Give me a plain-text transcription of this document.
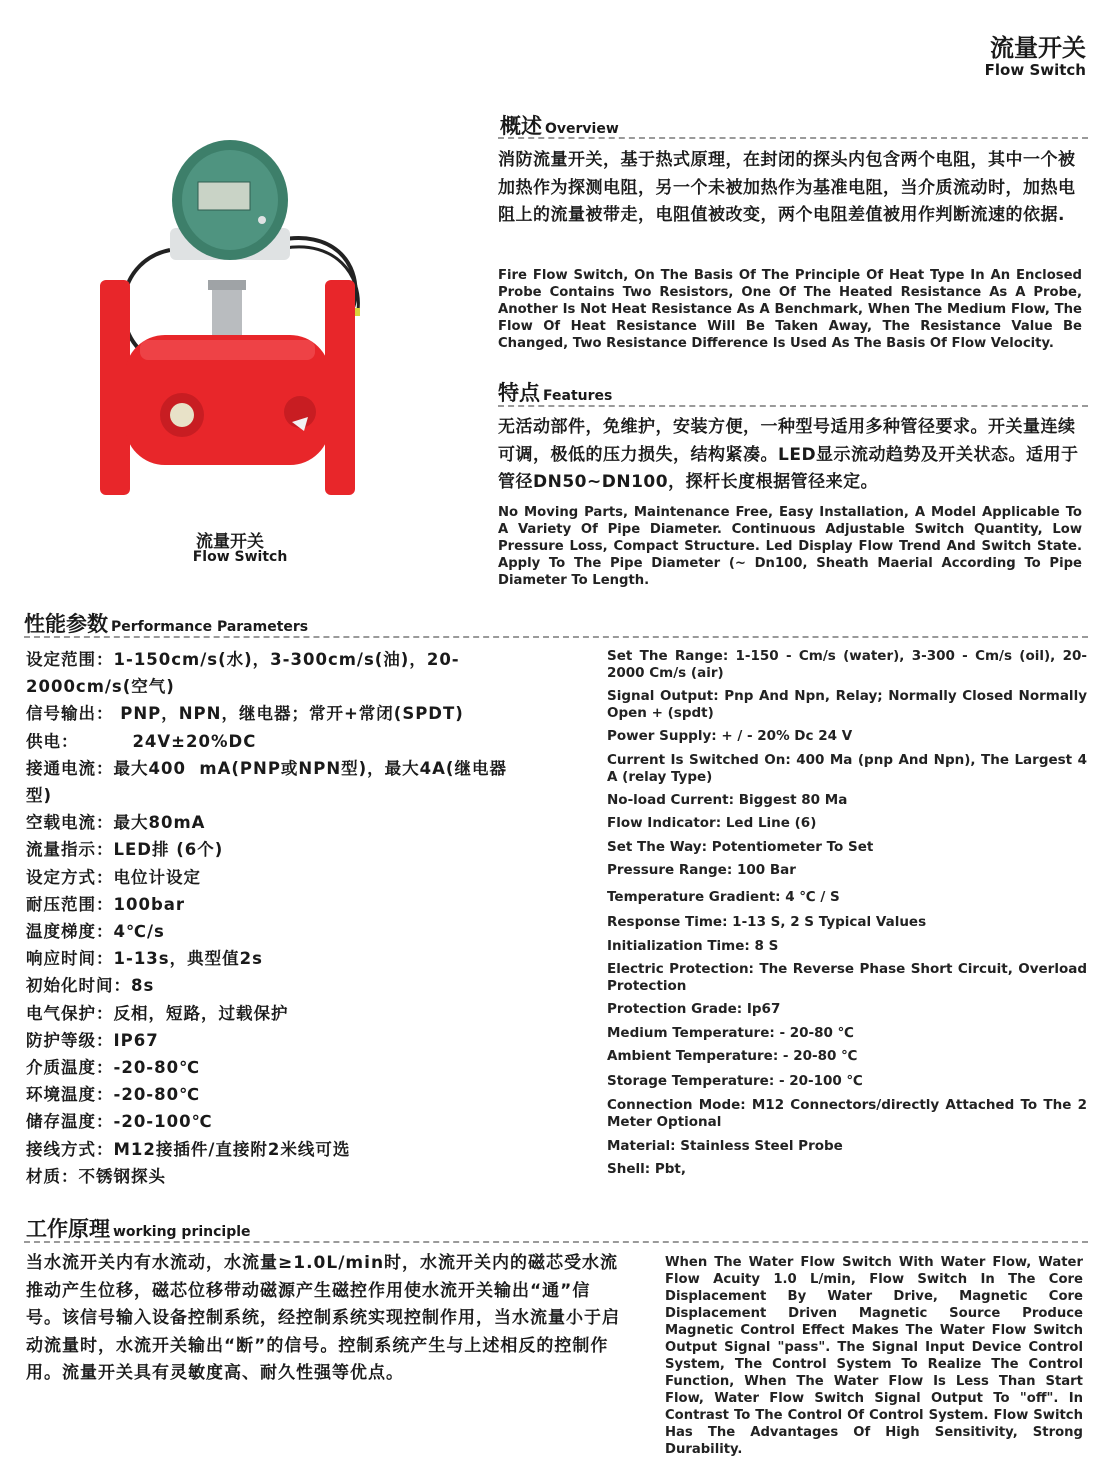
流量开关
Flow Switch
流量开关
Flow Switch
概述 Overview
消防流量开关，基于热式原理，在封闭的探头内包含两个电阻，其中一个被加热作为探测电阻，另一个未被加热作为基准电阻，当介质流动时，加热电阻上的流量被带走，电阻值被改变，两个电阻差值被用作判断流速的依据.
Fire Flow Switch, On The Basis Of The Principle Of Heat Type In An Enclosed Probe Contains Two Resistors, One Of The Heated Resistance As A Probe, Another Is Not Heat Resistance As A Benchmark, When The Medium Flow, The Flow Of Heat Resistance Will Be Taken Away, The Resistance Value Be Changed, Two Resistance Difference Is Used As The Basis Of Flow Velocity.
特点 Features
无活动部件，免维护，安装方便，一种型号适用多种管径要求。开关量连续可调，极低的压力损失，结构紧凑。LED显示流动趋势及开关状态。适用于管径DN50~DN100，探杆长度根据管径来定。
No Moving Parts, Maintenance Free, Easy Installation, A Model Applicable To A Variety Of Pipe Diameter. Continuous Adjustable Switch Quantity, Low Pressure Loss, Compact Structure. Led Display Flow Trend And Switch State. Apply To The Pipe Diameter (~ Dn100, Sheath Maerial According To Pipe Diameter To Length.
性能参数 Performance Parameters
设定范围：1-150cm/s(水)，3-300cm/s(油)，20-
2000cm/s(空气)
信号输出： PNP，NPN，继电器；常开+常闭(SPDT)
供电：        24V±20%DC
接通电流：最大400  mA(PNP或NPN型)，最大4A(继电器
型)
空载电流：最大80mA
流量指示：LED排 (6个)
设定方式：电位计设定
耐压范围：100bar
温度梯度：4℃/s
响应时间：1-13s，典型值2s
初始化时间：8s
电气保护：反相，短路，过载保护
防护等级：IP67
介质温度：-20-80℃
环境温度：-20-80℃
储存温度：-20-100℃
接线方式：M12接插件/直接附2米线可选
材质：不锈钢探头
Set The Range: 1-150 - Cm/s (water), 3-300 - Cm/s (oil), 20-2000 Cm/s (air)
Signal Output: Pnp And Npn, Relay; Normally Closed Normally Open + (spdt)
Power Supply: + / - 20% Dc 24 V
Current Is Switched On: 400 Ma (pnp And Npn), The Largest 4 A (relay Type)
No-load Current: Biggest 80 Ma
Flow Indicator: Led Line (6)
Set The Way: Potentiometer To Set
Pressure Range: 100 Bar
Temperature Gradient: 4 ℃ / S
Response Time: 1-13 S, 2 S Typical Values
Initialization Time: 8 S
Electric Protection: The Reverse Phase Short Circuit, Overload Protection
Protection Grade: Ip67
Medium Temperature: - 20-80 ℃
Ambient Temperature: - 20-80 ℃
Storage Temperature: - 20-100 ℃
Connection Mode: M12 Connectors/directly Attached To The 2 Meter Optional
Material: Stainless Steel Probe
Shell: Pbt,
工作原理 working principle
当水流开关内有水流动，水流量≥1.0L/min时，水流开关内的磁芯受水流推动产生位移，磁芯位移带动磁源产生磁控作用使水流开关输出“通”信号。该信号输入设备控制系统，经控制系统实现控制作用，当水流量小于启动流量时，水流开关输出“断”的信号。控制系统产生与上述相反的控制作用。流量开关具有灵敏度高、耐久性强等优点。
When The Water Flow Switch With Water Flow, Water Flow Acuity 1.0 L/min, Flow Switch In The Core Displacement By Water Drive, Magnetic Core Displacement Driven Magnetic Source Produce Magnetic Control Effect Makes The Water Flow Switch Output Signal "pass". The Signal Input Device Control System, The Control System To Realize The Control Function, When The Water Flow Is Less Than Start Flow, Water Flow Switch Signal Output To "off". In Contrast To The Control Of Control System. Flow Switch Has The Advantages Of High Sensitivity, Strong Durability.
